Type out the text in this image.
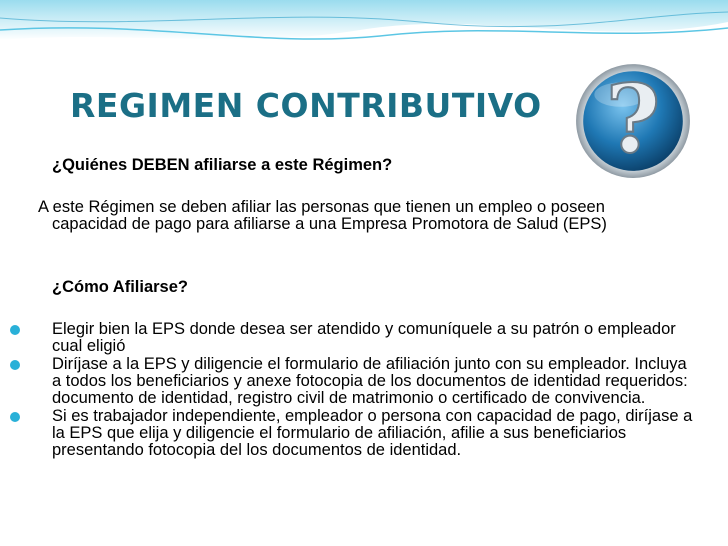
REGIMEN CONTRIBUTIVO ?

¿Quiénes DEBEN afiliarse a este Régimen?

A este Régimen se deben afiliar las personas que tienen un empleo o poseen capacidad de pago para afiliarse a una Empresa Promotora de Salud (EPS)

¿Cómo Afiliarse?

Elegir bien la EPS donde desea ser atendido y comuníquele a su patrón o empleador cual eligió
Diríjase a la EPS y diligencie el formulario de afiliación junto con su empleador. Incluya a todos los beneficiarios y anexe fotocopia de los documentos de identidad requeridos: documento de identidad, registro civil de matrimonio o certificado de convivencia.
Si es trabajador independiente, empleador o persona con capacidad de pago, diríjase a la EPS que elija y diligencie el formulario de afiliación, afilie a sus beneficiarios presentando fotocopia del los documentos de identidad.
